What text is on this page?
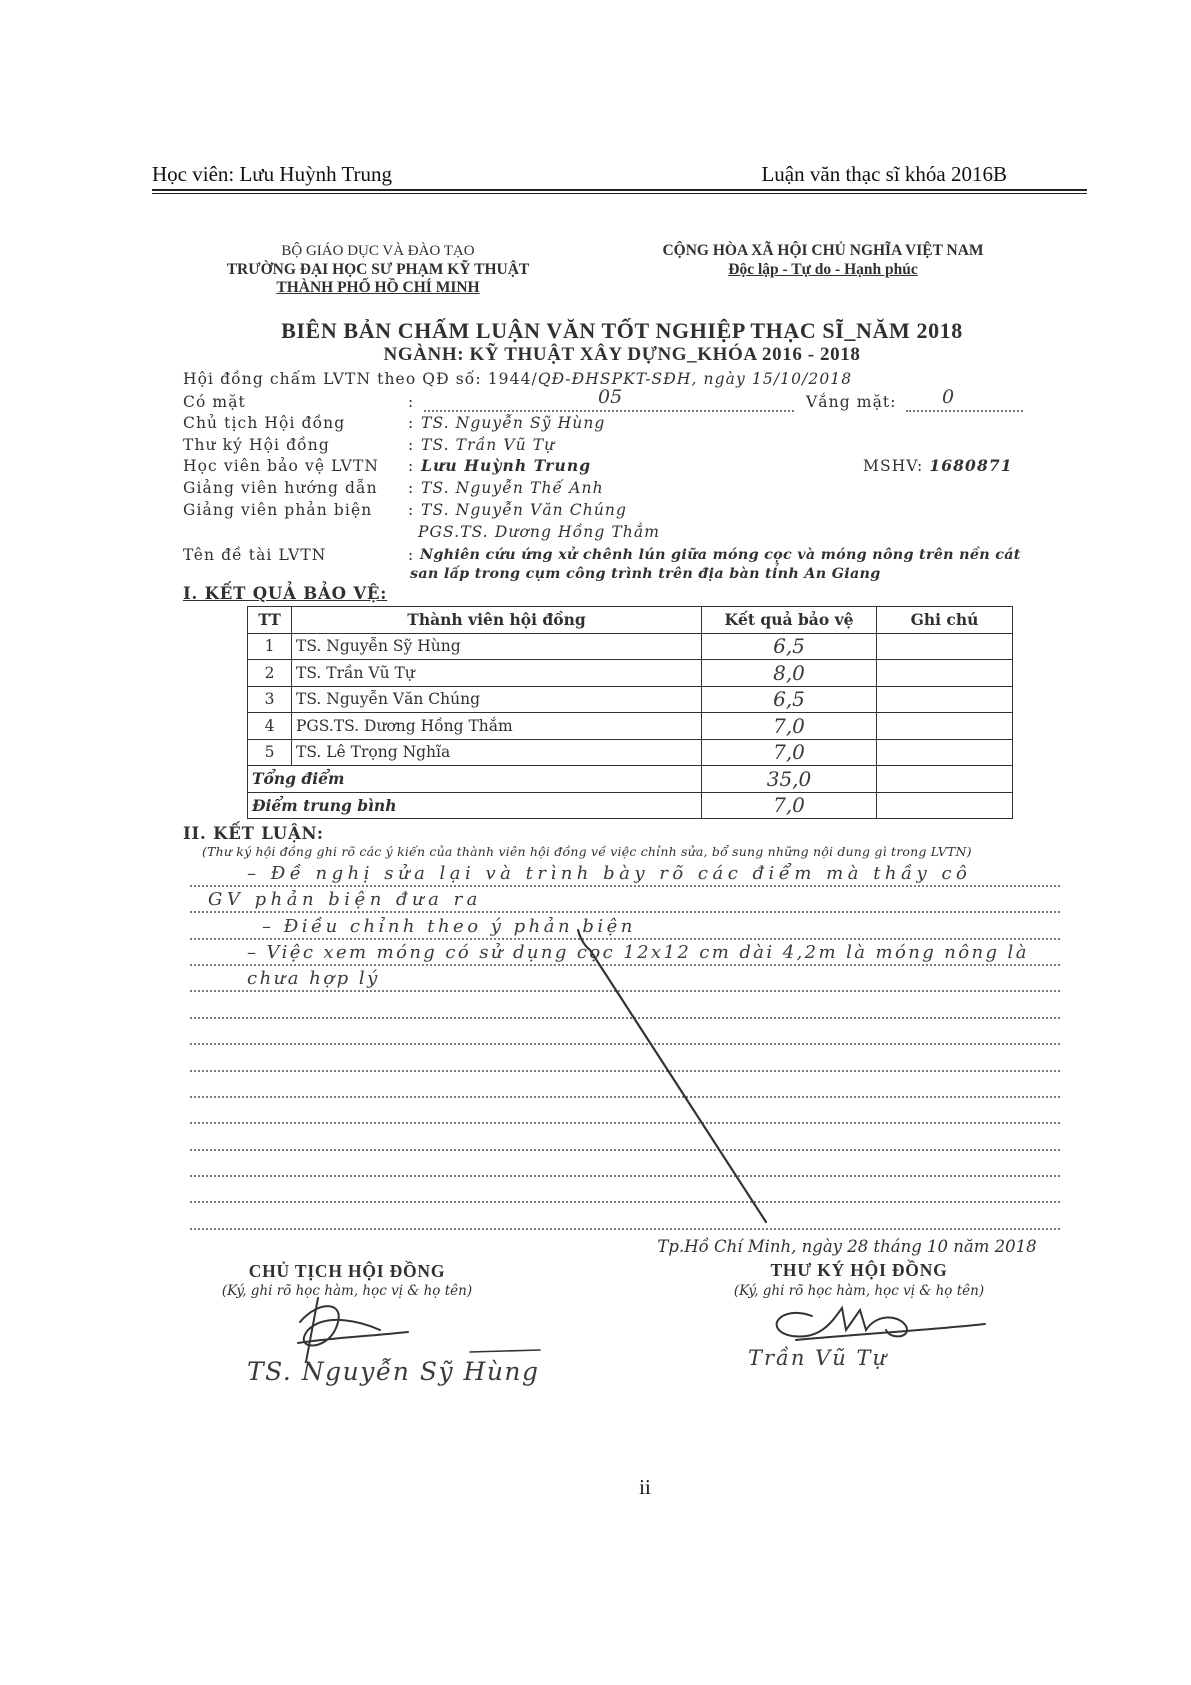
Học viên: Lưu Huỳnh Trung	Luận văn thạc sĩ khóa 2016B
BỘ GIÁO DỤC VÀ ĐÀO TẠO
TRƯỜNG ĐẠI HỌC SƯ PHẠM KỸ THUẬT
THÀNH PHỐ HỒ CHÍ MINH
CỘNG HÒA XÃ HỘI CHỦ NGHĨA VIỆT NAM
Độc lập - Tự do - Hạnh phúc
BIÊN BẢN CHẤM LUẬN VĂN TỐT NGHIỆP THẠC SĨ_NĂM 2018
NGÀNH: KỸ THUẬT XÂY DỰNG_KHÓA 2016 - 2018
Hội đồng chấm LVTN theo QĐ số: 1944/QĐ-ĐHSPKT-SĐH, ngày 15/10/2018
Có mặt	:	05	Vắng mặt: 0
Chủ tịch Hội đồng	: TS. Nguyễn Sỹ Hùng
Thư ký Hội đồng	: TS. Trần Vũ Tự
Học viên bảo vệ LVTN : Lưu Huỳnh Trung	MSHV: 1680871
Giảng viên hướng dẫn : TS. Nguyễn Thế Anh
Giảng viên phản biện : TS. Nguyễn Văn Chúng
PGS.TS. Dương Hồng Thắm
Tên đề tài LVTN	: Nghiên cứu ứng xử chênh lún giữa móng cọc và móng nông trên nền cát
san lấp trong cụm công trình trên địa bàn tỉnh An Giang
I. KẾT QUẢ BẢO VỆ:
TT	Thành viên hội đồng	Kết quả bảo vệ	Ghi chú
1	TS. Nguyễn Sỹ Hùng	6,5	
2	TS. Trần Vũ Tự	8,0	
3	TS. Nguyễn Văn Chúng	6,5	
4	PGS.TS. Dương Hồng Thắm	7,0	
5	TS. Lê Trọng Nghĩa	7,0	
Tổng điểm		35,0	
Điểm trung bình		7,0	
II. KẾT LUẬN:
(Thư ký hội đồng ghi rõ các ý kiến của thành viên hội đồng về việc chỉnh sửa, bổ sung những nội dung gì trong LVTN)
– Đề nghị sửa lại và trình bày rõ các điểm mà thầy cô
GV phản biện đưa ra
– Điều chỉnh theo ý phản biện
– Việc xem móng có sử dụng cọc 12x12 cm dài 4,2m là móng nông là
chưa hợp lý
Tp.Hồ Chí Minh, ngày 28 tháng 10 năm 2018
CHỦ TỊCH HỘI ĐỒNG
(Ký, ghi rõ học hàm, học vị & họ tên)
THƯ KÝ HỘI ĐỒNG
(Ký, ghi rõ học hàm, học vị & họ tên)
TS. Nguyễn Sỹ Hùng	Trần Vũ Tự
ii
